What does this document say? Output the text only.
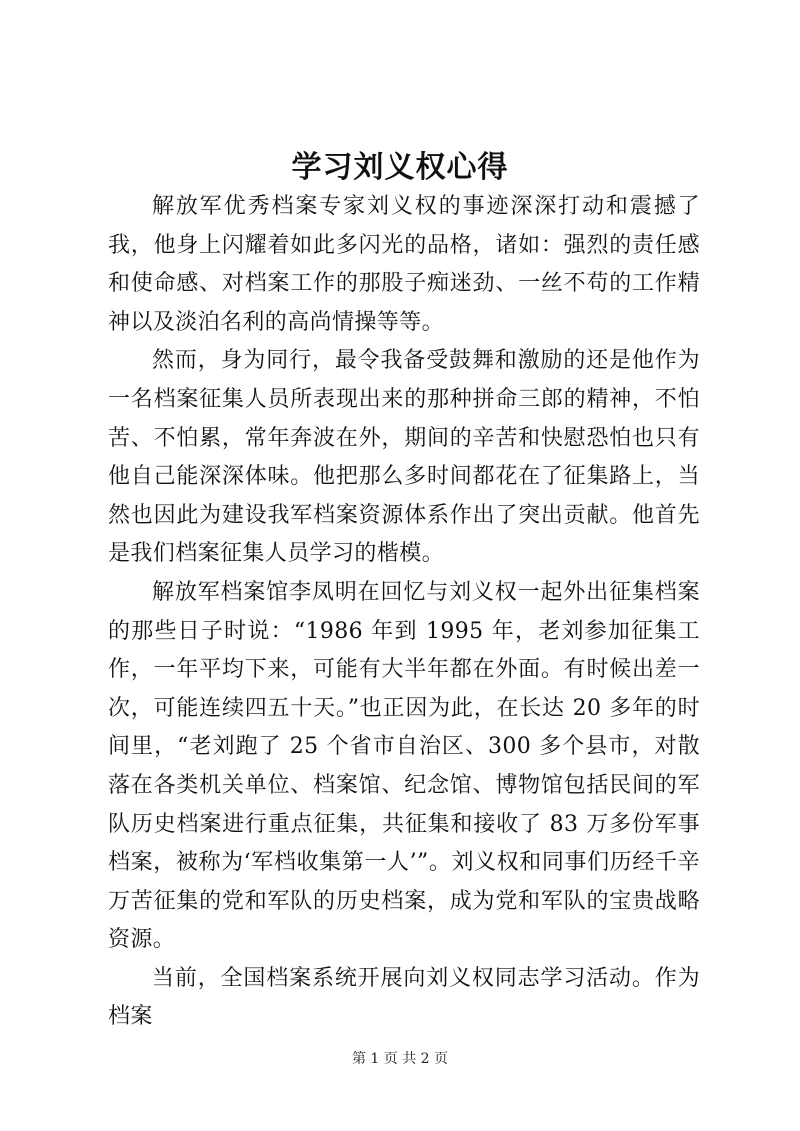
学习刘义权心得

解放军优秀档案专家刘义权的事迹深深打动和震撼了我，他身上闪耀着如此多闪光的品格，诸如：强烈的责任感和使命感、对档案工作的那股子痴迷劲、一丝不苟的工作精神以及淡泊名利的高尚情操等等。

然而，身为同行，最令我备受鼓舞和激励的还是他作为一名档案征集人员所表现出来的那种拼命三郎的精神，不怕苦、不怕累，常年奔波在外，期间的辛苦和快慰恐怕也只有他自己能深深体味。他把那么多时间都花在了征集路上，当然也因此为建设我军档案资源体系作出了突出贡献。他首先是我们档案征集人员学习的楷模。

解放军档案馆李凤明在回忆与刘义权一起外出征集档案的那些日子时说：“1986 年到 1995 年，老刘参加征集工作，一年平均下来，可能有大半年都在外面。有时候出差一次，可能连续四五十天。”也正因为此，在长达 20 多年的时间里，“老刘跑了 25 个省市自治区、300 多个县市，对散落在各类机关单位、档案馆、纪念馆、博物馆包括民间的军队历史档案进行重点征集，共征集和接收了 83 万多份军事档案，被称为‘军档收集第一人’”。刘义权和同事们历经千辛万苦征集的党和军队的历史档案，成为党和军队的宝贵战略资源。

当前，全国档案系统开展向刘义权同志学习活动。作为档案

第 1 页 共 2 页
